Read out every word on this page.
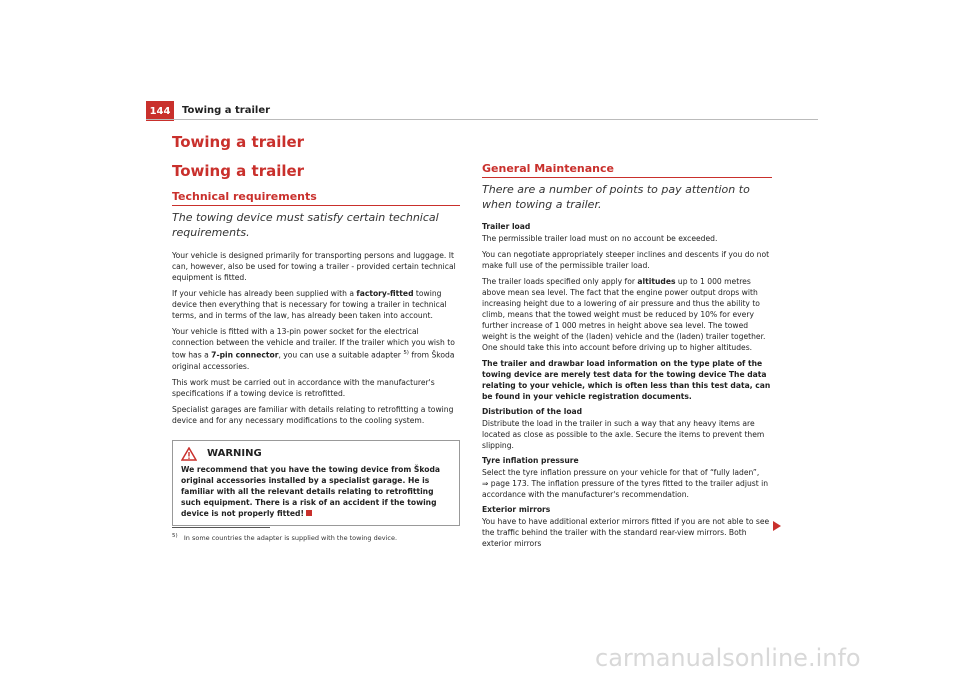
144	Towing a trailer
Towing a trailer
Towing a trailer
Technical requirements
The towing device must satisfy certain technical requirements.

Your vehicle is designed primarily for transporting persons and luggage. It can, however, also be used for towing a trailer - provided certain technical equipment is fitted.

If your vehicle has already been supplied with a factory-fitted towing device then everything that is necessary for towing a trailer in technical terms, and in terms of the law, has already been taken into account.

Your vehicle is fitted with a 13-pin power socket for the electrical connection between the vehicle and trailer. If the trailer which you wish to tow has a 7-pin connector, you can use a suitable adapter $^{5)}$ from Škoda original accessories.

This work must be carried out in accordance with the manufacturer's specifications if a towing device is retrofitted.

Specialist garages are familiar with details relating to retrofitting a towing device and for any necessary modifications to the cooling system.

WARNING
We recommend that you have the towing device from Škoda original accessories installed by a specialist garage. He is familiar with all the relevant details relating to retrofitting such equipment. There is a risk of an accident if the towing device is not properly fitted!
$^{5)}$ In some countries the adapter is supplied with the towing device.
General Maintenance
There are a number of points to pay attention to when towing a trailer.
Trailer load

The permissible trailer load must on no account be exceeded.

You can negotiate appropriately steeper inclines and descents if you do not make full use of the permissible trailer load.

The trailer loads specified only apply for altitudes up to 1 000 metres above mean sea level. The fact that the engine power output drops with increasing height due to a lowering of air pressure and thus the ability to climb, means that the towed weight must be reduced by 10% for every further increase of 1 000 metres in height above sea level. The towed weight is the weight of the (laden) vehicle and the (laden) trailer together. One should take this into account before driving up to higher altitudes.

The trailer and drawbar load information on the type plate of the towing device are merely test data for the towing device The data relating to your vehicle, which is often less than this test data, can be found in your vehicle registration documents.

Distribution of the load

Distribute the load in the trailer in such a way that any heavy items are located as close as possible to the axle. Secure the items to prevent them slipping.

Tyre inflation pressure

Select the tyre inflation pressure on your vehicle for that of “fully laden”,
⇒ page 173. The inflation pressure of the tyres fitted to the trailer adjust in accordance with the manufacturer's recommendation.

Exterior mirrors

You have to have additional exterior mirrors fitted if you are not able to see the traffic behind the trailer with the standard rear-view mirrors. Both exterior mirrors

carmanualsonline.info
